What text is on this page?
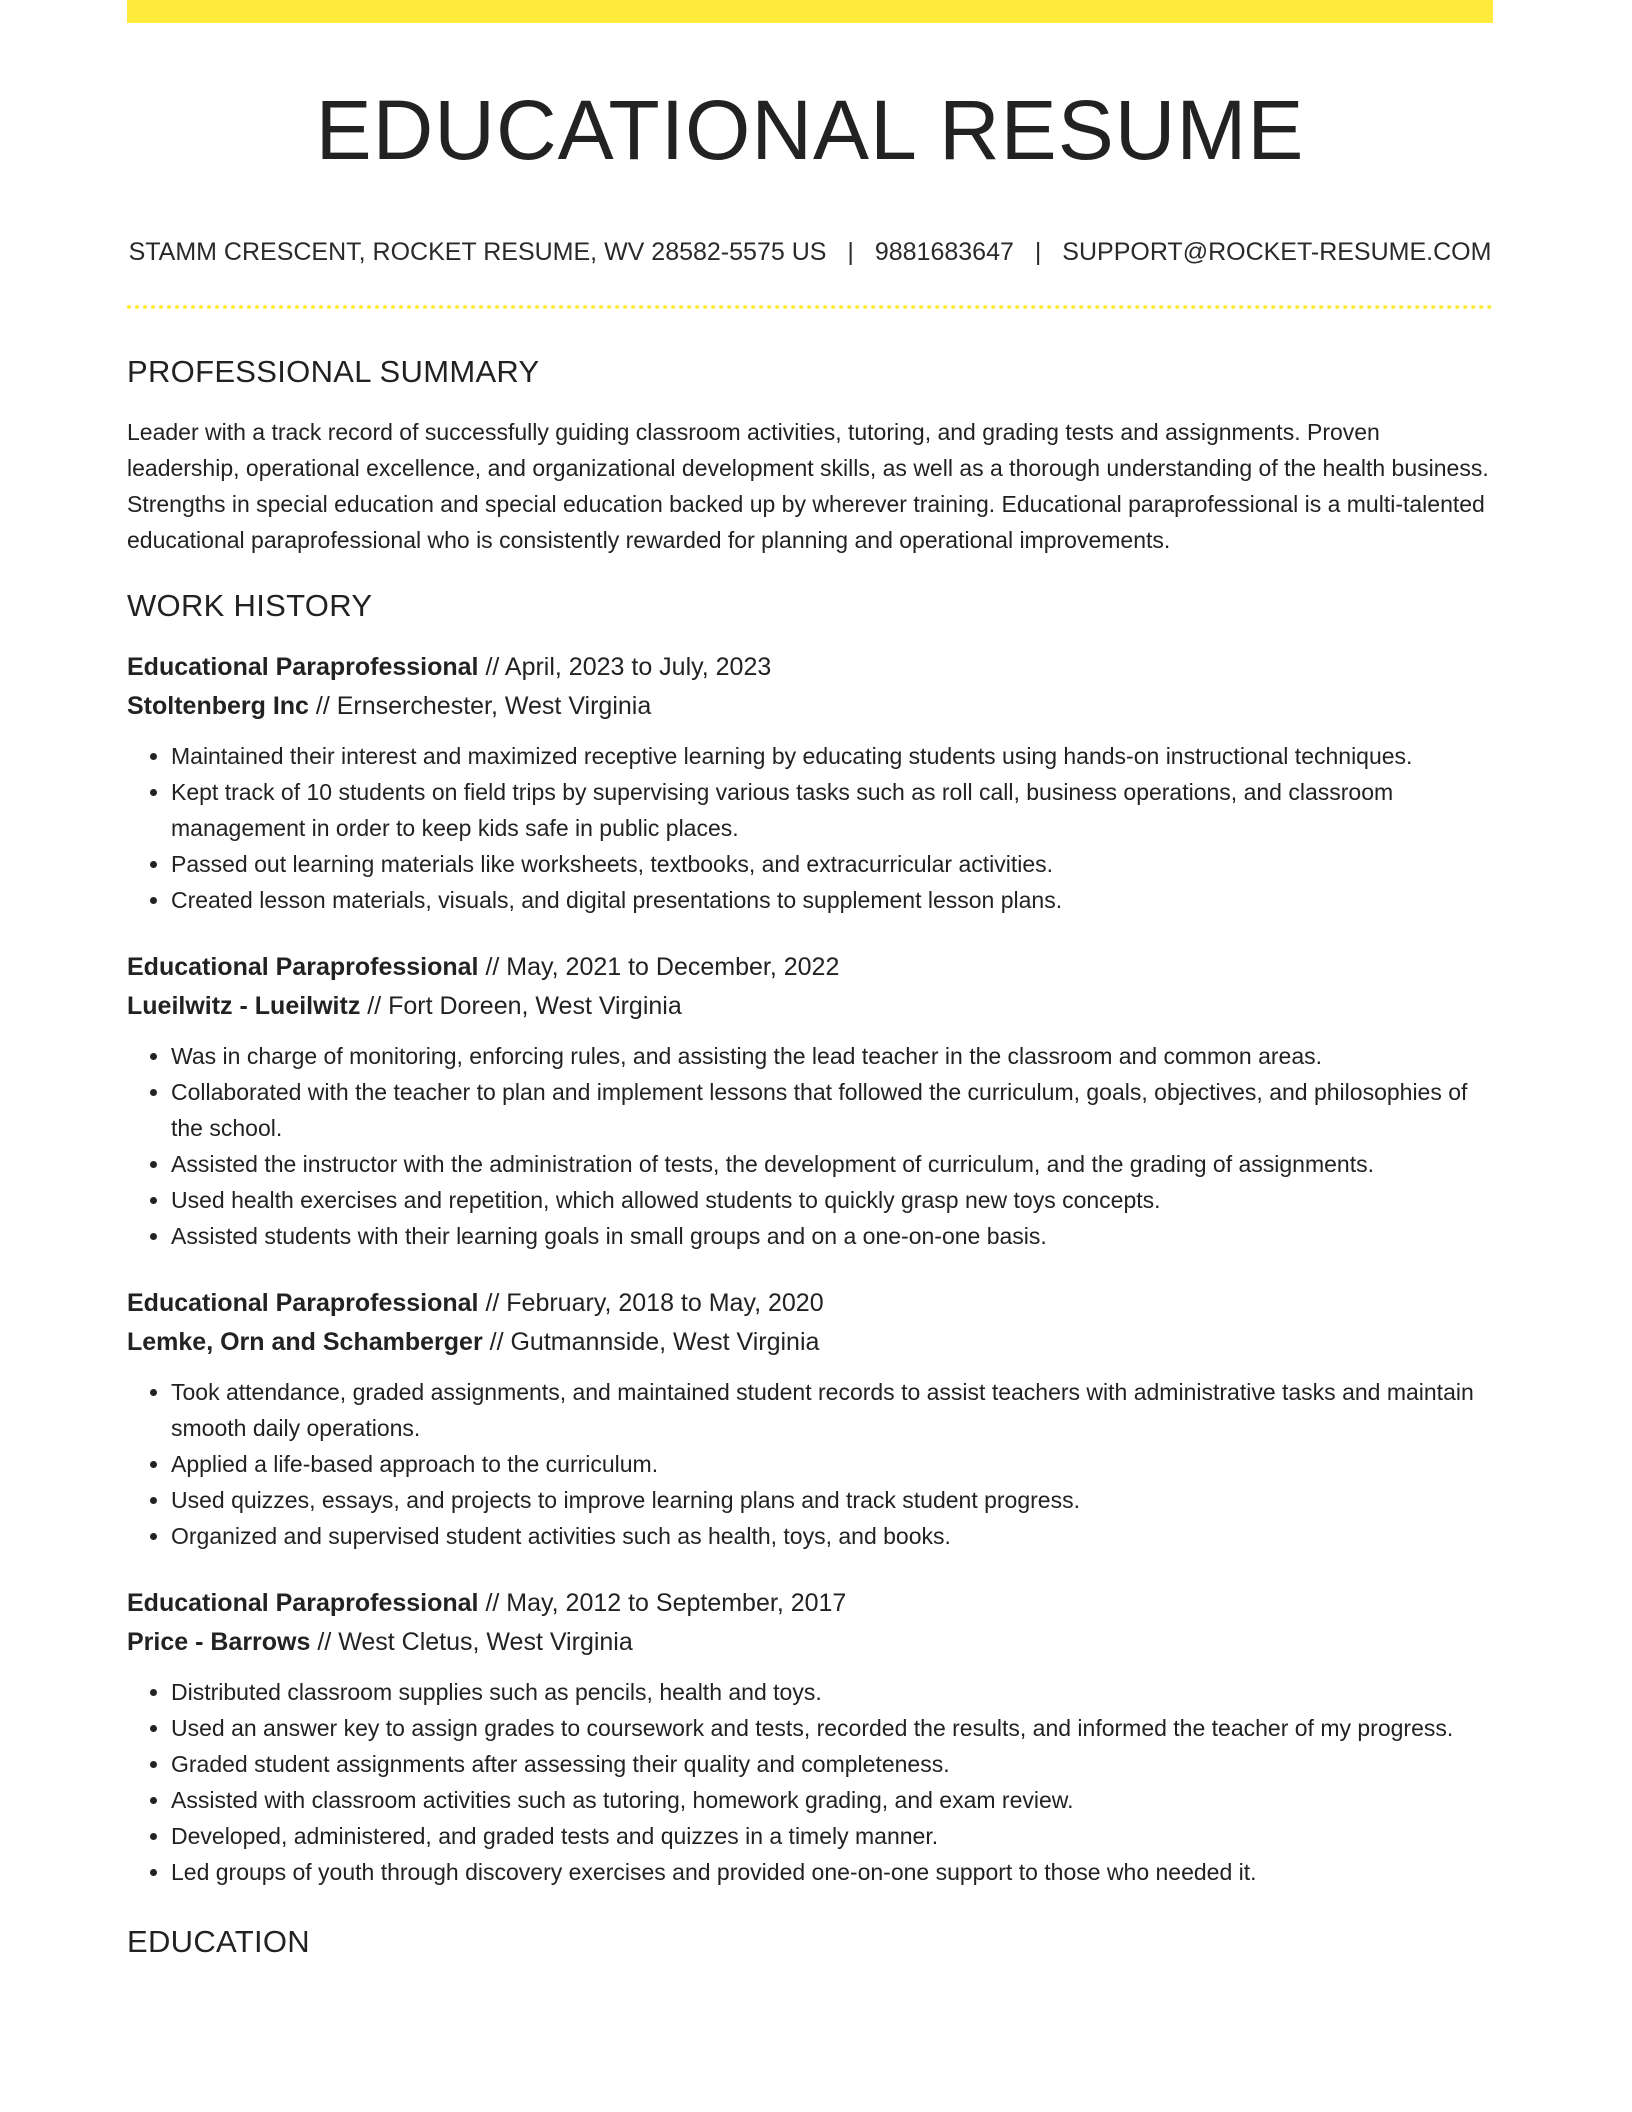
EDUCATIONAL RESUME
STAMM CRESCENT, ROCKET RESUME, WV 28582-5575 US | 9881683647 | SUPPORT@ROCKET-RESUME.COM
PROFESSIONAL SUMMARY

Leader with a track record of successfully guiding classroom activities, tutoring, and grading tests and assignments. Proven leadership, operational excellence, and organizational development skills, as well as a thorough understanding of the health business. Strengths in special education and special education backed up by wherever training. Educational paraprofessional is a multi-talented educational paraprofessional who is consistently rewarded for planning and operational improvements.

WORK HISTORY
Educational Paraprofessional // April, 2023 to July, 2023
Stoltenberg Inc // Ernserchester, West Virginia
• Maintained their interest and maximized receptive learning by educating students using hands-on instructional techniques.
• Kept track of 10 students on field trips by supervising various tasks such as roll call, business operations, and classroom management in order to keep kids safe in public places.
• Passed out learning materials like worksheets, textbooks, and extracurricular activities.
• Created lesson materials, visuals, and digital presentations to supplement lesson plans.
Educational Paraprofessional // May, 2021 to December, 2022
Lueilwitz - Lueilwitz // Fort Doreen, West Virginia
• Was in charge of monitoring, enforcing rules, and assisting the lead teacher in the classroom and common areas.
• Collaborated with the teacher to plan and implement lessons that followed the curriculum, goals, objectives, and philosophies of the school.
• Assisted the instructor with the administration of tests, the development of curriculum, and the grading of assignments.
• Used health exercises and repetition, which allowed students to quickly grasp new toys concepts.
• Assisted students with their learning goals in small groups and on a one-on-one basis.
Educational Paraprofessional // February, 2018 to May, 2020
Lemke, Orn and Schamberger // Gutmannside, West Virginia
• Took attendance, graded assignments, and maintained student records to assist teachers with administrative tasks and maintain smooth daily operations.
• Applied a life-based approach to the curriculum.
• Used quizzes, essays, and projects to improve learning plans and track student progress.
• Organized and supervised student activities such as health, toys, and books.
Educational Paraprofessional // May, 2012 to September, 2017
Price - Barrows // West Cletus, West Virginia
• Distributed classroom supplies such as pencils, health and toys.
• Used an answer key to assign grades to coursework and tests, recorded the results, and informed the teacher of my progress.
• Graded student assignments after assessing their quality and completeness.
• Assisted with classroom activities such as tutoring, homework grading, and exam review.
• Developed, administered, and graded tests and quizzes in a timely manner.
• Led groups of youth through discovery exercises and provided one-on-one support to those who needed it.
EDUCATION
